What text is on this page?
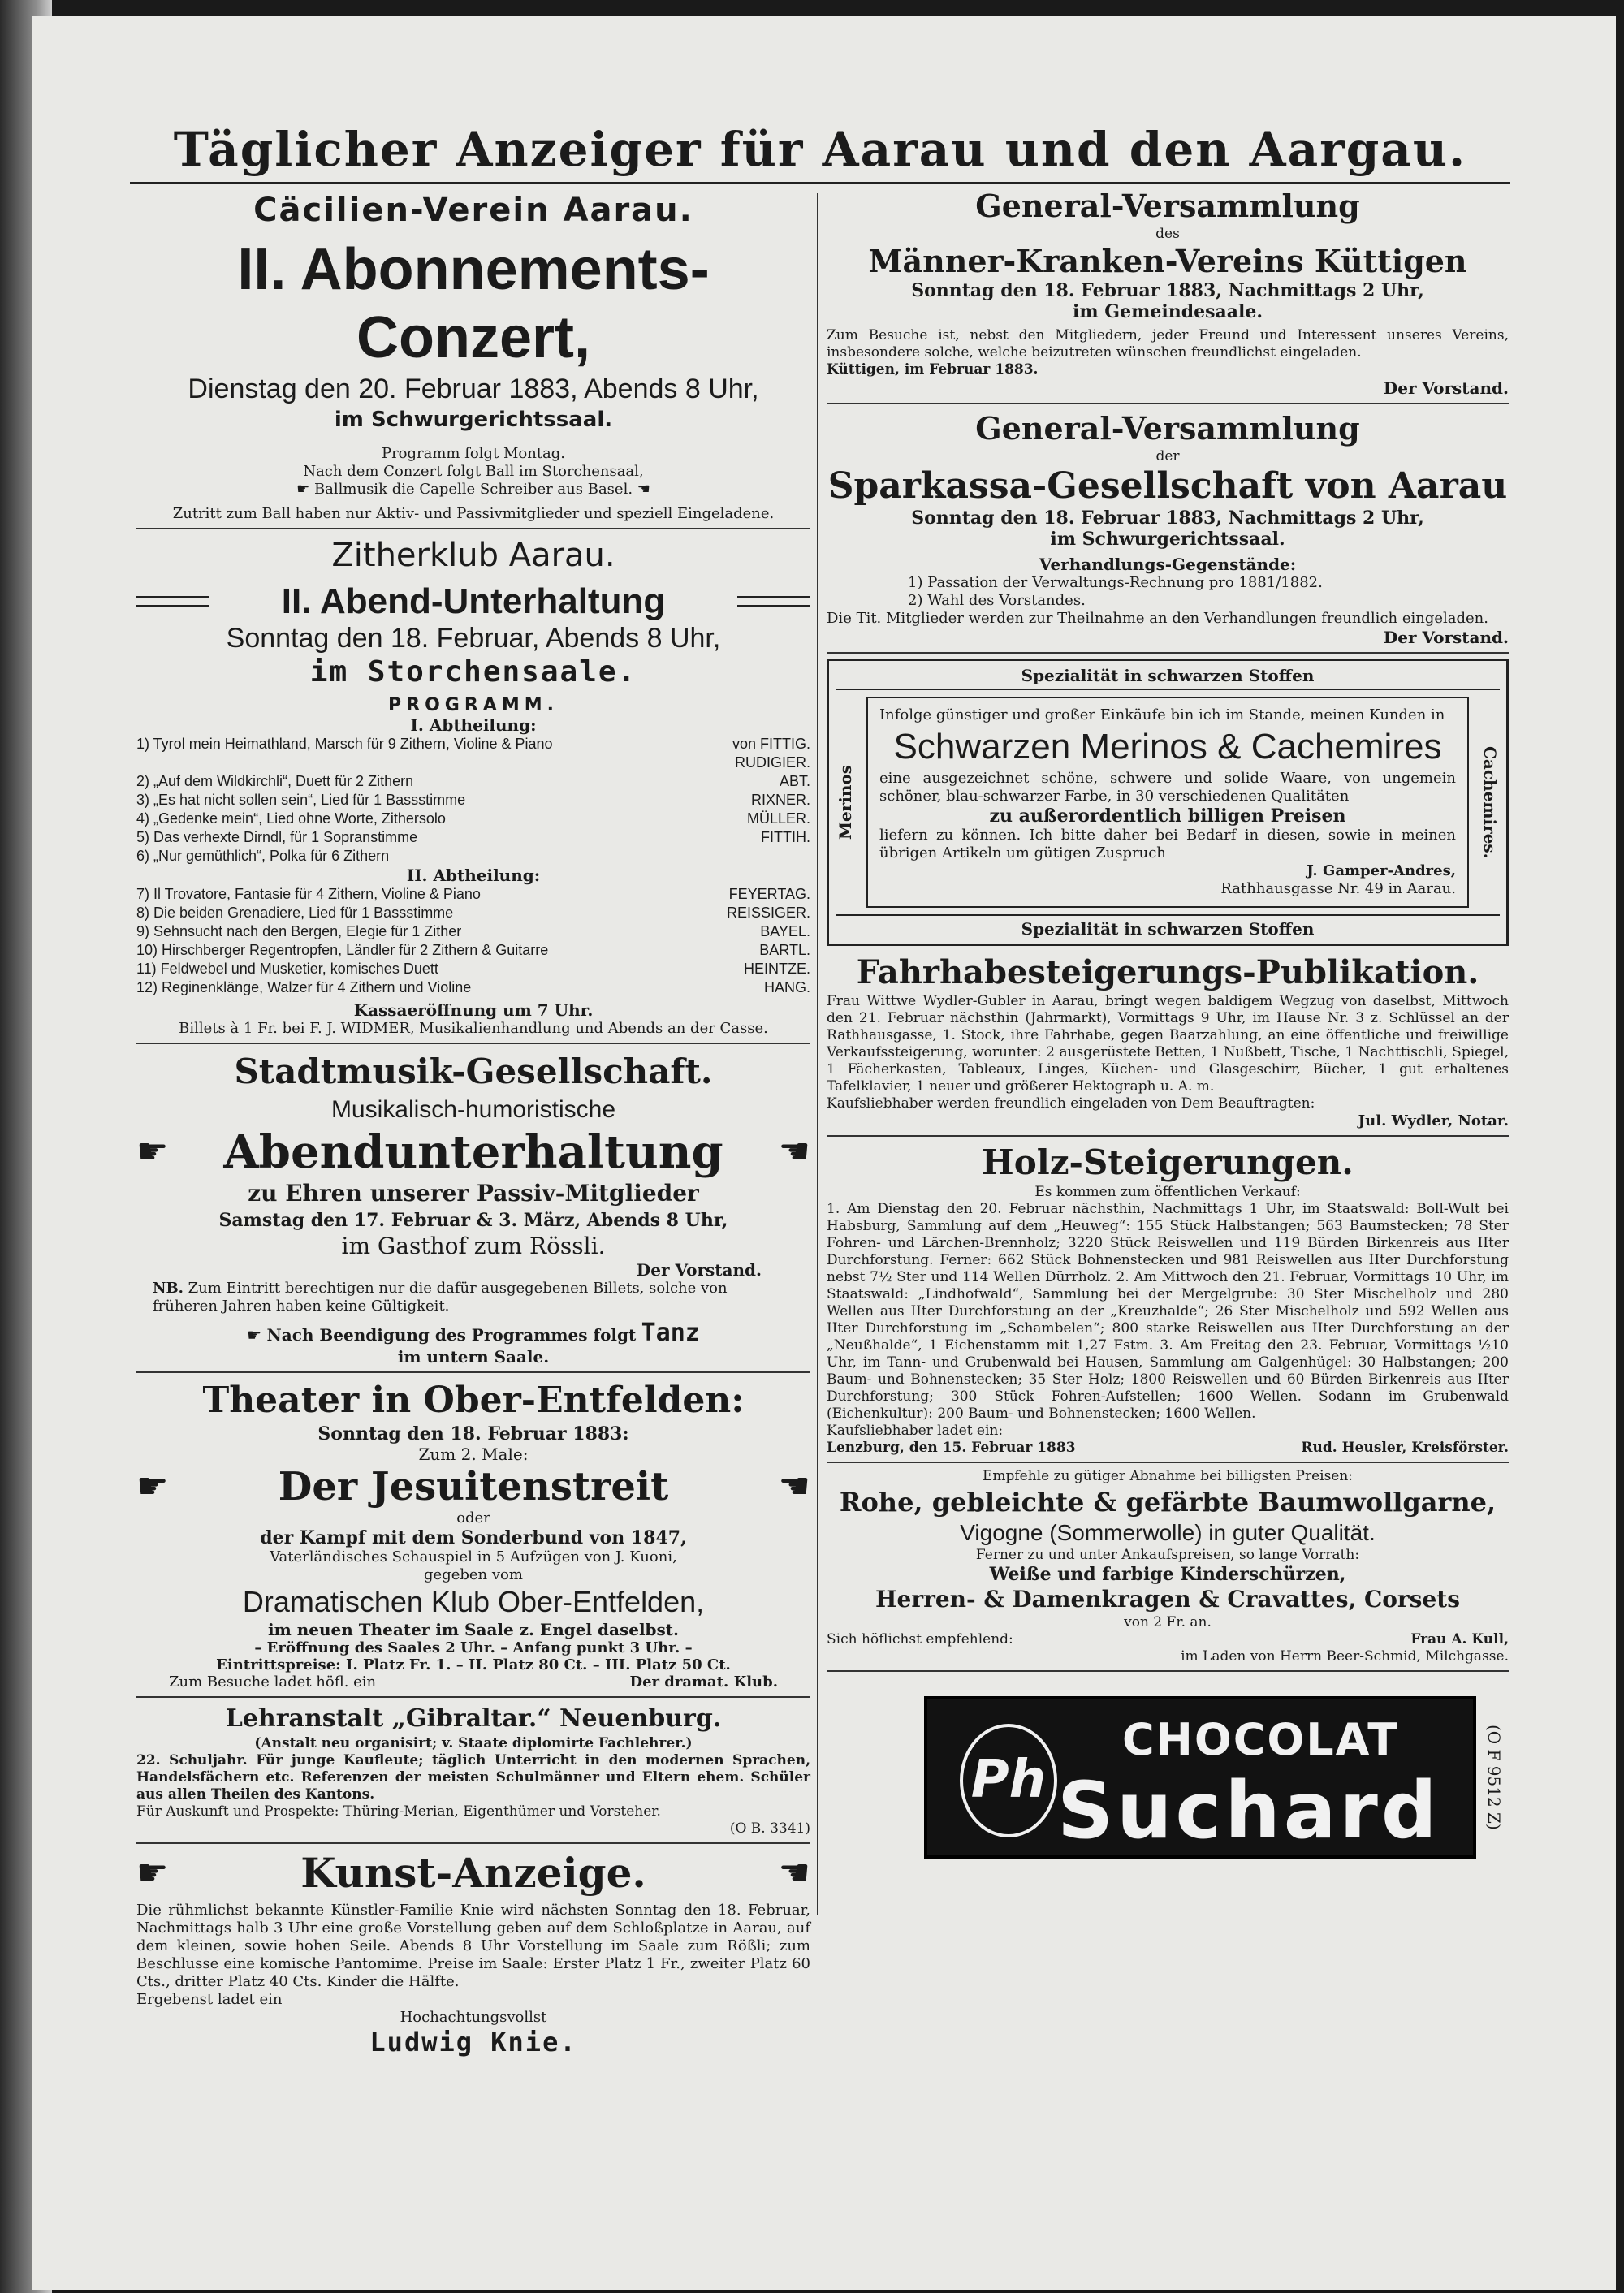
Täglicher Anzeiger für Aarau und den Aargau.
Cäcilien-Verein Aarau.
II. Abonnements-Conzert,
Dienstag den 20. Februar 1883, Abends 8 Uhr,
im Schwurgerichtssaal.
Programm folgt Montag.
Nach dem Conzert folgt Ball im Storchensaal,
☛ Ballmusik die Capelle Schreiber aus Basel. ☚
Zutritt zum Ball haben nur Aktiv- und Passivmitglieder und speziell Eingeladene.
Zitherklub Aarau.
II. Abend-Unterhaltung
Sonntag den 18. Februar, Abends 8 Uhr,
im Storchensaale.
PROGRAMM.
I. Abtheilung:
1) Tyrol mein Heimathland, Marsch für 9 Zithern, Violine & Piano	von FITTIG.
RUDIGIER.
2) „Auf dem Wildkirchli“, Duett für 2 Zithern	ABT.
3) „Es hat nicht sollen sein“, Lied für 1 Bassstimme	RIXNER.
4) „Gedenke mein“, Lied ohne Worte, Zithersolo	MÜLLER.
5) Das verhexte Dirndl, für 1 Sopranstimme	FITTIH.
6) „Nur gemüthlich“, Polka für 6 Zithern
II. Abtheilung:
7) Il Trovatore, Fantasie für 4 Zithern, Violine & Piano	FEYERTAG.
8) Die beiden Grenadiere, Lied für 1 Bassstimme	REISSIGER.
9) Sehnsucht nach den Bergen, Elegie für 1 Zither	BAYEL.
10) Hirschberger Regentropfen, Ländler für 2 Zithern & Guitarre	BARTL.
11) Feldwebel und Musketier, komisches Duett	HEINTZE.
12) Reginenklänge, Walzer für 4 Zithern und Violine	HANG.
Kassaeröffnung um 7 Uhr.
Billets à 1 Fr. bei F. J. WIDMER, Musikalienhandlung und Abends an der Casse.
Stadtmusik-Gesellschaft.
Musikalisch-humoristische
☛ Abendunterhaltung ☚
zu Ehren unserer Passiv-Mitglieder
Samstag den 17. Februar & 3. März, Abends 8 Uhr,
im Gasthof zum Rössli.
Der Vorstand.
NB. Zum Eintritt berechtigen nur die dafür ausgegebenen Billets, solche von früheren Jahren haben keine Gültigkeit.
☛ Nach Beendigung des Programmes folgt Tanz
im untern Saale.
Theater in Ober-Entfelden:
Sonntag den 18. Februar 1883:
Zum 2. Male:
☛	Der Jesuitenstreit	☚
oder
der Kampf mit dem Sonderbund von 1847,
Vaterländisches Schauspiel in 5 Aufzügen von J. Kuoni,
gegeben vom
Dramatischen Klub Ober-Entfelden,
im neuen Theater im Saale z. Engel daselbst.
– Eröffnung des Saales 2 Uhr. – Anfang punkt 3 Uhr. –
Eintrittspreise: I. Platz Fr. 1. – II. Platz 80 Ct. – III. Platz 50 Ct.
Zum Besuche ladet höfl. ein	Der dramat. Klub.
Lehranstalt „Gibraltar.“ Neuenburg.
(Anstalt neu organisirt; v. Staate diplomirte Fachlehrer.)
22. Schuljahr. Für junge Kaufleute; täglich Unterricht in den modernen Sprachen, Handelsfächern etc. Referenzen der meisten Schulmänner und Eltern ehem. Schüler aus allen Theilen des Kantons.
Für Auskunft und Prospekte: Thüring-Merian, Eigenthümer und Vorsteher.
(O B. 3341)
☛	Kunst-Anzeige.	☚
Die rühmlichst bekannte Künstler-Familie Knie wird nächsten Sonntag den 18. Februar, Nachmittags halb 3 Uhr eine große Vorstellung geben auf dem Schloßplatze in Aarau, auf dem kleinen, sowie hohen Seile. Abends 8 Uhr Vorstellung im Saale zum Rößli; zum Beschlusse eine komische Pantomime. Preise im Saale: Erster Platz 1 Fr., zweiter Platz 60 Cts., dritter Platz 40 Cts. Kinder die Hälfte.
Ergebenst ladet ein
Hochachtungsvollst
Ludwig Knie.
General-Versammlung
des
Männer-Kranken-Vereins Küttigen
Sonntag den 18. Februar 1883, Nachmittags 2 Uhr,
im Gemeindesaale.
Zum Besuche ist, nebst den Mitgliedern, jeder Freund und Interessent unseres Vereins, insbesondere solche, welche beizutreten wünschen freundlichst eingeladen.
Küttigen, im Februar 1883.
Der Vorstand.
General-Versammlung
der
Sparkassa-Gesellschaft von Aarau
Sonntag den 18. Februar 1883, Nachmittags 2 Uhr,
im Schwurgerichtssaal.
Verhandlungs-Gegenstände:
1) Passation der Verwaltungs-Rechnung pro 1881/1882.
2) Wahl des Vorstandes.
Die Tit. Mitglieder werden zur Theilnahme an den Verhandlungen freundlich eingeladen.
Der Vorstand.
Spezialität in schwarzen Stoffen
Merinos
Infolge günstiger und großer Einkäufe bin ich im Stande, meinen Kunden in
Schwarzen Merinos & Cachemires
eine ausgezeichnet schöne, schwere und solide Waare, von ungemein schöner, blau-schwarzer Farbe, in 30 verschiedenen Qualitäten
zu außerordentlich billigen Preisen
liefern zu können. Ich bitte daher bei Bedarf in diesen, sowie in meinen übrigen Artikeln um gütigen Zuspruch
J. Gamper-Andres,
Rathhausgasse Nr. 49 in Aarau.
Cachemires.
Spezialität in schwarzen Stoffen
Fahrhabesteigerungs-Publikation.
Frau Wittwe Wydler-Gubler in Aarau, bringt wegen baldigem Wegzug von daselbst, Mittwoch den 21. Februar nächsthin (Jahrmarkt), Vormittags 9 Uhr, im Hause Nr. 3 z. Schlüssel an der Rathhausgasse, 1. Stock, ihre Fahrhabe, gegen Baarzahlung, an eine öffentliche und freiwillige Verkaufssteigerung, worunter: 2 ausgerüstete Betten, 1 Nußbett, Tische, 1 Nachttischli, Spiegel, 1 Fächerkasten, Tableaux, Linges, Küchen- und Glasgeschirr, Bücher, 1 gut erhaltenes Tafelklavier, 1 neuer und größerer Hektograph u. A. m.
Kaufsliebhaber werden freundlich eingeladen von Dem Beauftragten:
Jul. Wydler, Notar.
Holz-Steigerungen.
Es kommen zum öffentlichen Verkauf:
1. Am Dienstag den 20. Februar nächsthin, Nachmittags 1 Uhr, im Staatswald: Boll-Wult bei Habsburg, Sammlung auf dem „Heuweg“: 155 Stück Halbstangen; 563 Baumstecken; 78 Ster Fohren- und Lärchen-Brennholz; 3220 Stück Reiswellen und 119 Bürden Birkenreis aus IIter Durchforstung. Ferner: 662 Stück Bohnenstecken und 981 Reiswellen aus IIter Durchforstung nebst 7½ Ster und 114 Wellen Dürrholz. 2. Am Mittwoch den 21. Februar, Vormittags 10 Uhr, im Staatswald: „Lindhofwald“, Sammlung bei der Mergelgrube: 30 Ster Mischelholz und 280 Wellen aus IIter Durchforstung an der „Kreuzhalde“; 26 Ster Mischelholz und 592 Wellen aus IIter Durchforstung im „Schambelen“; 800 starke Reiswellen aus IIter Durchforstung an der „Neußhalde“, 1 Eichenstamm mit 1,27 Fstm. 3. Am Freitag den 23. Februar, Vormittags ½10 Uhr, im Tann- und Grubenwald bei Hausen, Sammlung am Galgenhügel: 30 Halbstangen; 200 Baum- und Bohnenstecken; 35 Ster Holz; 1800 Reiswellen und 60 Bürden Birkenreis aus IIter Durchforstung; 300 Stück Fohren-Aufstellen; 1600 Wellen. Sodann im Grubenwald (Eichenkultur): 200 Baum- und Bohnenstecken; 1600 Wellen.
Kaufsliebhaber ladet ein:
Lenzburg, den 15. Februar 1883	Rud. Heusler, Kreisförster.
Empfehle zu gütiger Abnahme bei billigsten Preisen:
Rohe, gebleichte & gefärbte Baumwollgarne,
Vigogne (Sommerwolle) in guter Qualität.
Ferner zu und unter Ankaufspreisen, so lange Vorrath:
Weiße und farbige Kinderschürzen,
Herren- & Damenkragen & Cravattes, Corsets
von 2 Fr. an.
Sich höflichst empfehlend:	Frau A. Kull,
im Laden von Herrn Beer-Schmid, Milchgasse.
CHOCOLAT
Ph Suchard	(O F 9512 Z)
